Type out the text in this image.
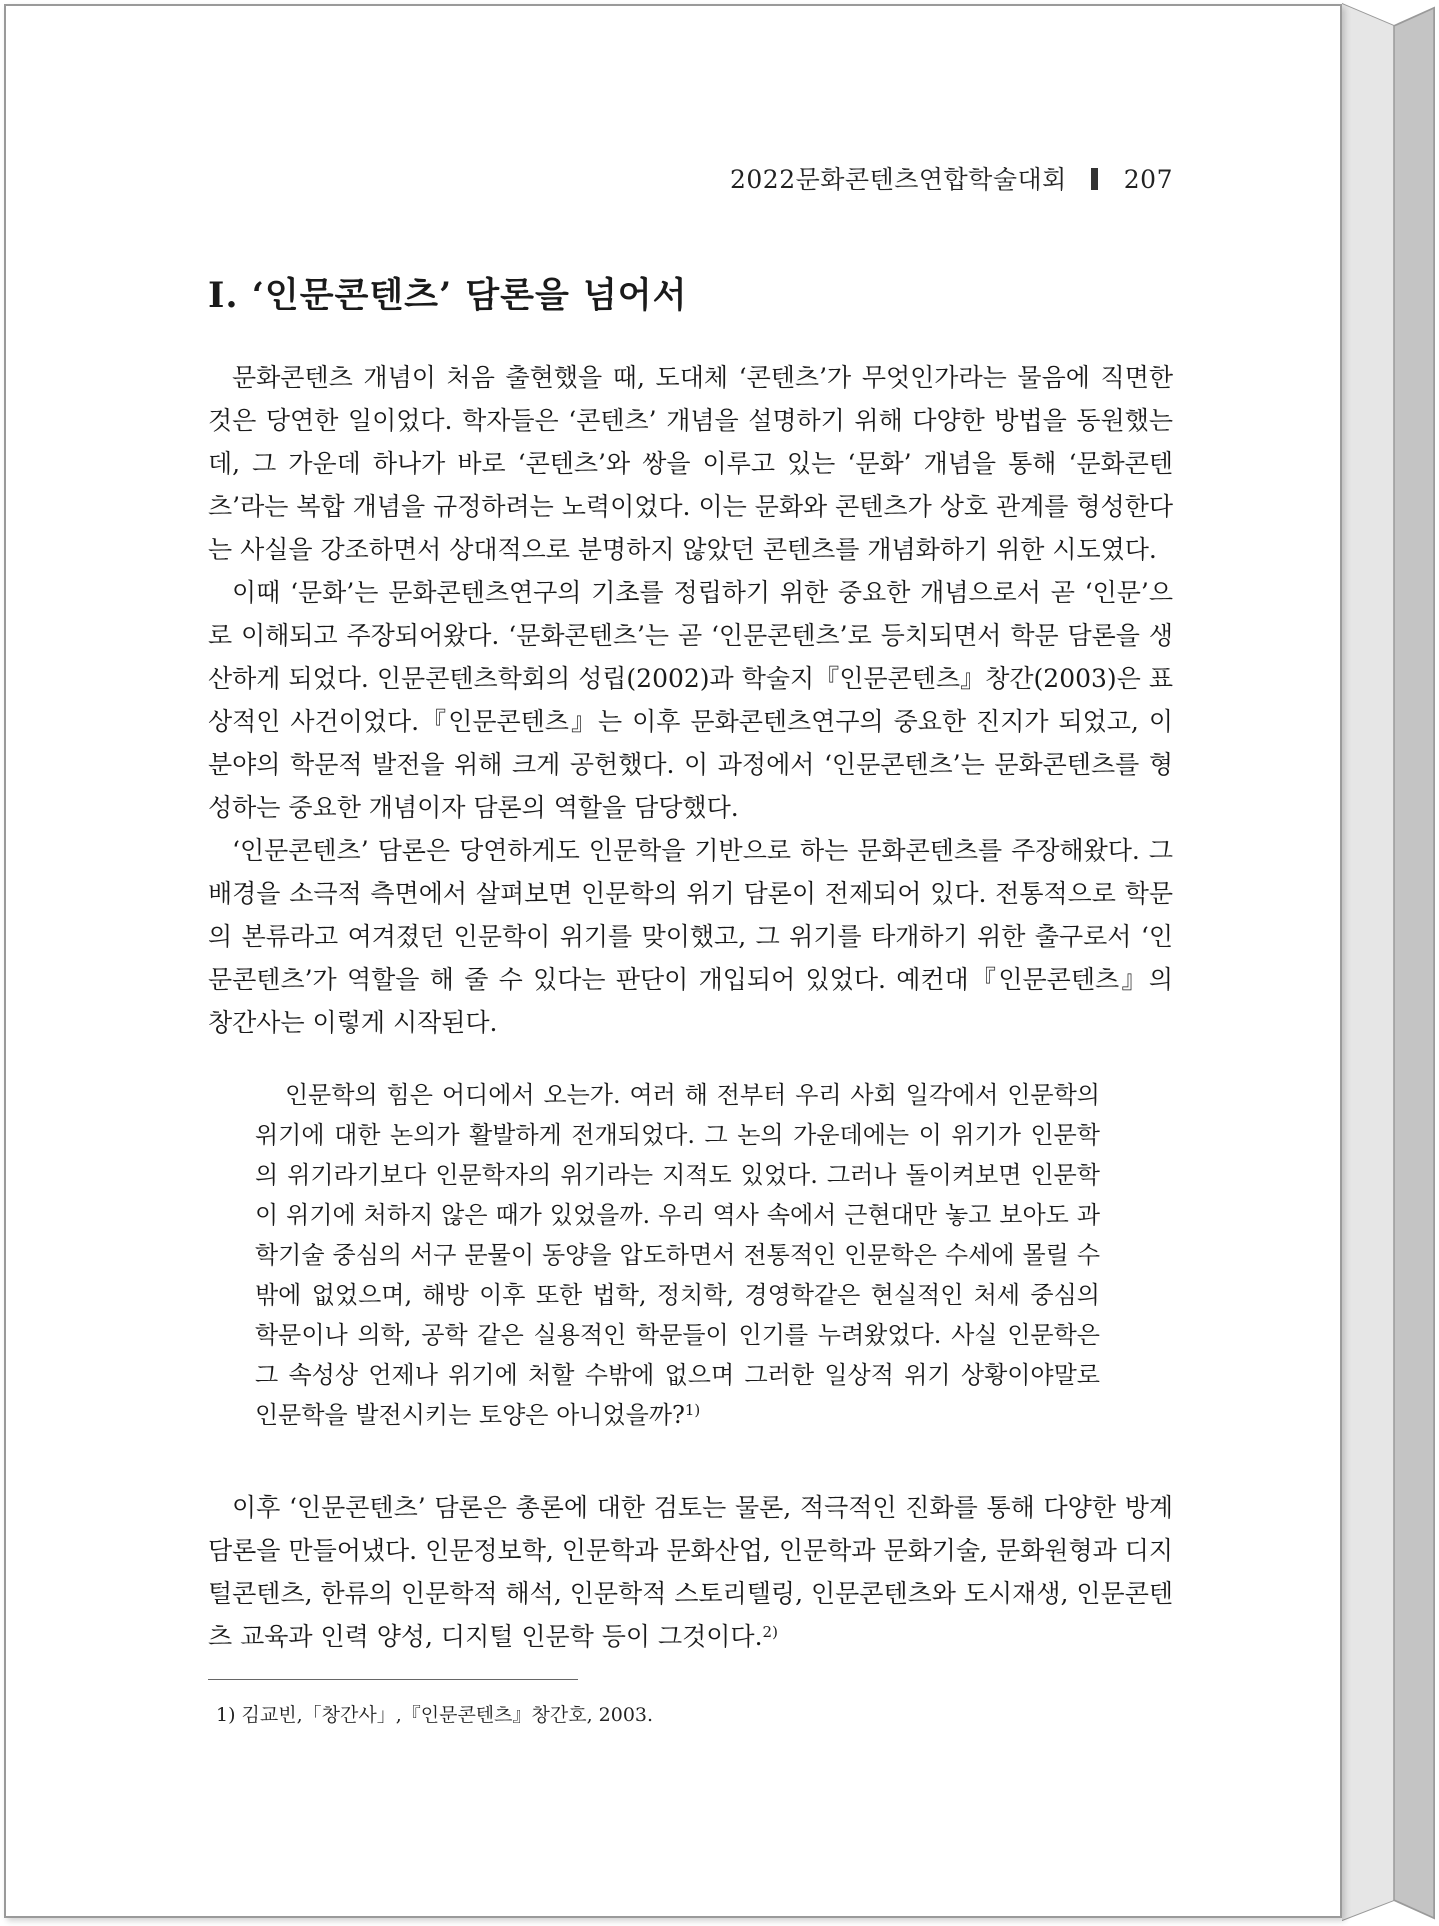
2022문화콘텐츠연합학술대회 207
Ⅰ. ‘인문콘텐츠’ 담론을 넘어서

문화콘텐츠 개념이 처음 출현했을 때, 도대체 ‘콘텐츠’가 무엇인가라는 물음에 직면한 것은 당연한 일이었다. 학자들은 ‘콘텐츠’ 개념을 설명하기 위해 다양한 방법을 동원했는데, 그 가운데 하나가 바로 ‘콘텐츠’와 쌍을 이루고 있는 ‘문화’ 개념을 통해 ‘문화콘텐츠’라는 복합 개념을 규정하려는 노력이었다. 이는 문화와 콘텐츠가 상호 관계를 형성한다는 사실을 강조하면서 상대적으로 분명하지 않았던 콘텐츠를 개념화하기 위한 시도였다.

이때 ‘문화’는 문화콘텐츠연구의 기초를 정립하기 위한 중요한 개념으로서 곧 ‘인문’으로 이해되고 주장되어왔다. ‘문화콘텐츠’는 곧 ‘인문콘텐츠’로 등치되면서 학문 담론을 생산하게 되었다. 인문콘텐츠학회의 성립(2002)과 학술지『인문콘텐츠』창간(2003)은 표상적인 사건이었다.『인문콘텐츠』는 이후 문화콘텐츠연구의 중요한 진지가 되었고, 이 분야의 학문적 발전을 위해 크게 공헌했다. 이 과정에서 ‘인문콘텐츠’는 문화콘텐츠를 형성하는 중요한 개념이자 담론의 역할을 담당했다.

‘인문콘텐츠’ 담론은 당연하게도 인문학을 기반으로 하는 문화콘텐츠를 주장해왔다. 그 배경을 소극적 측면에서 살펴보면 인문학의 위기 담론이 전제되어 있다. 전통적으로 학문의 본류라고 여겨졌던 인문학이 위기를 맞이했고, 그 위기를 타개하기 위한 출구로서 ‘인문콘텐츠’가 역할을 해 줄 수 있다는 판단이 개입되어 있었다. 예컨대『인문콘텐츠』의 창간사는 이렇게 시작된다.

인문학의 힘은 어디에서 오는가. 여러 해 전부터 우리 사회 일각에서 인문학의 위기에 대한 논의가 활발하게 전개되었다. 그 논의 가운데에는 이 위기가 인문학의 위기라기보다 인문학자의 위기라는 지적도 있었다. 그러나 돌이켜보면 인문학이 위기에 처하지 않은 때가 있었을까. 우리 역사 속에서 근현대만 놓고 보아도 과학기술 중심의 서구 문물이 동양을 압도하면서 전통적인 인문학은 수세에 몰릴 수밖에 없었으며, 해방 이후 또한 법학, 정치학, 경영학같은 현실적인 처세 중심의 학문이나 의학, 공학 같은 실용적인 학문들이 인기를 누려왔었다. 사실 인문학은 그 속성상 언제나 위기에 처할 수밖에 없으며 그러한 일상적 위기 상황이야말로 인문학을 발전시키는 토양은 아니었을까?$^{1)}$

이후 ‘인문콘텐츠’ 담론은 총론에 대한 검토는 물론, 적극적인 진화를 통해 다양한 방계 담론을 만들어냈다. 인문정보학, 인문학과 문화산업, 인문학과 문화기술, 문화원형과 디지털콘텐츠, 한류의 인문학적 해석, 인문학적 스토리텔링, 인문콘텐츠와 도시재생, 인문콘텐츠 교육과 인력 양성, 디지털 인문학 등이 그것이다.$^{2)}$

1) 김교빈,「창간사」,『인문콘텐츠』창간호, 2003.
